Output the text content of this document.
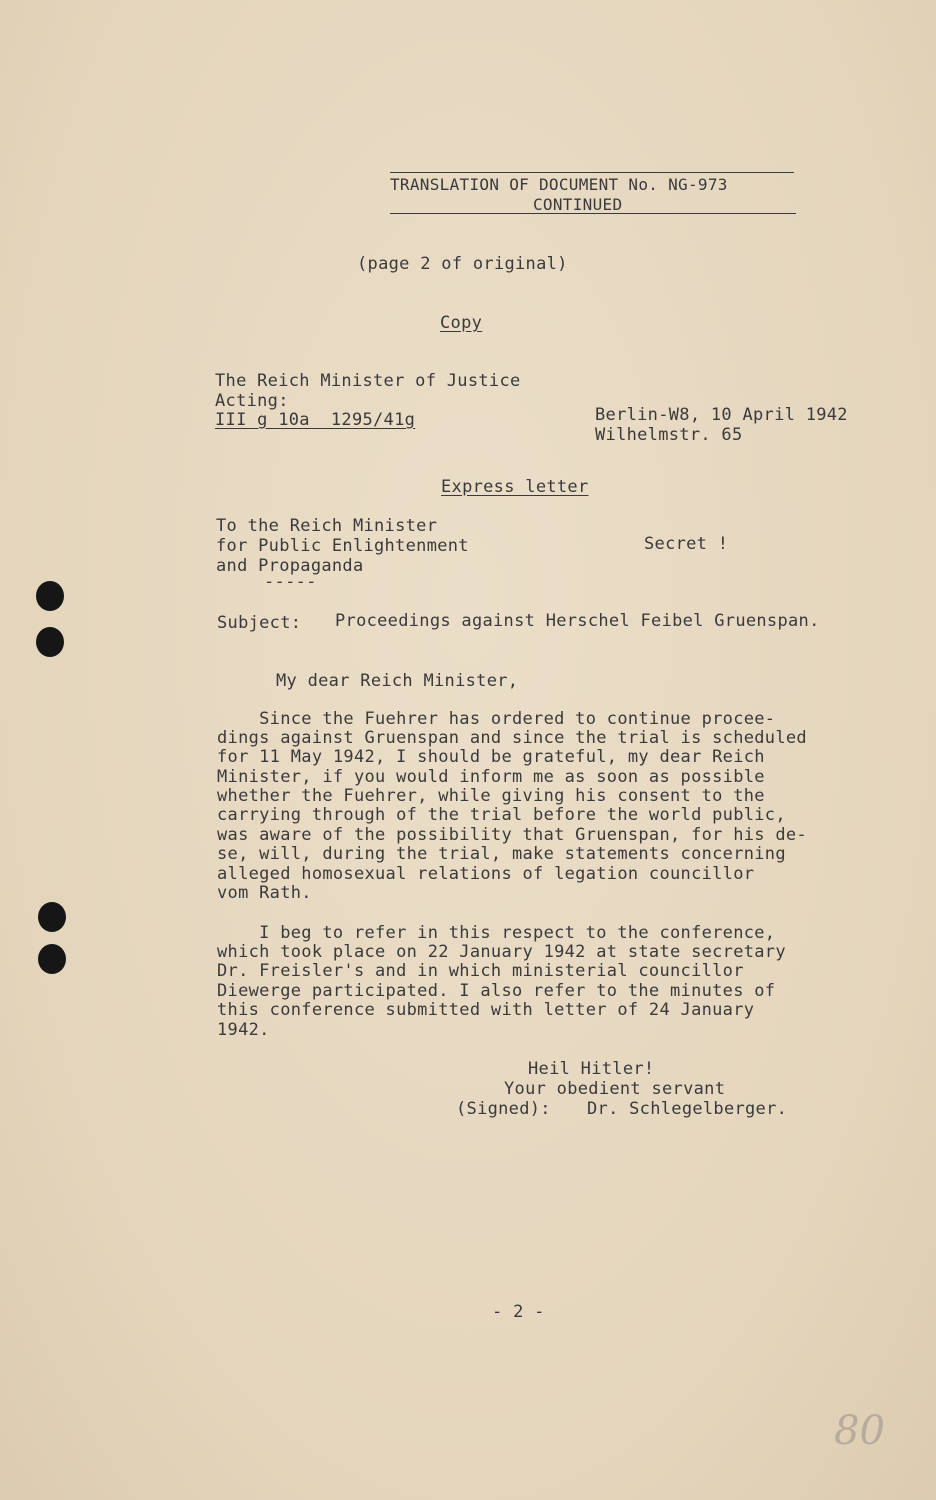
TRANSLATION OF DOCUMENT No. NG-973
CONTINUED
(page 2 of original)
Copy
The Reich Minister of Justice
Acting:
III g 10a  1295/41g	Berlin-W8, 10 April 1942
Wilhelmstr. 65
Express letter
To the Reich Minister
for Public Enlightenment
and Propaganda
-----
Secret !
Subject: Proceedings against Herschel Feibel Gruenspan.
My dear Reich Minister,
Since the Fuehrer has ordered to continue procee-
dings against Gruenspan and since the trial is scheduled
for 11 May 1942, I should be grateful, my dear Reich
Minister, if you would inform me as soon as possible
whether the Fuehrer, while giving his consent to the
carrying through of the trial before the world public,
was aware of the possibility that Gruenspan, for his de-
se, will, during the trial, make statements concerning
alleged homosexual relations of legation councillor
vom Rath.
I beg to refer in this respect to the conference,
which took place on 22 January 1942 at state secretary
Dr. Freisler's and in which ministerial councillor
Diewerge participated. I also refer to the minutes of
this conference submitted with letter of 24 January
1942.
Heil Hitler!
Your obedient servant
(Signed): Dr. Schlegelberger.
- 2 -
80
